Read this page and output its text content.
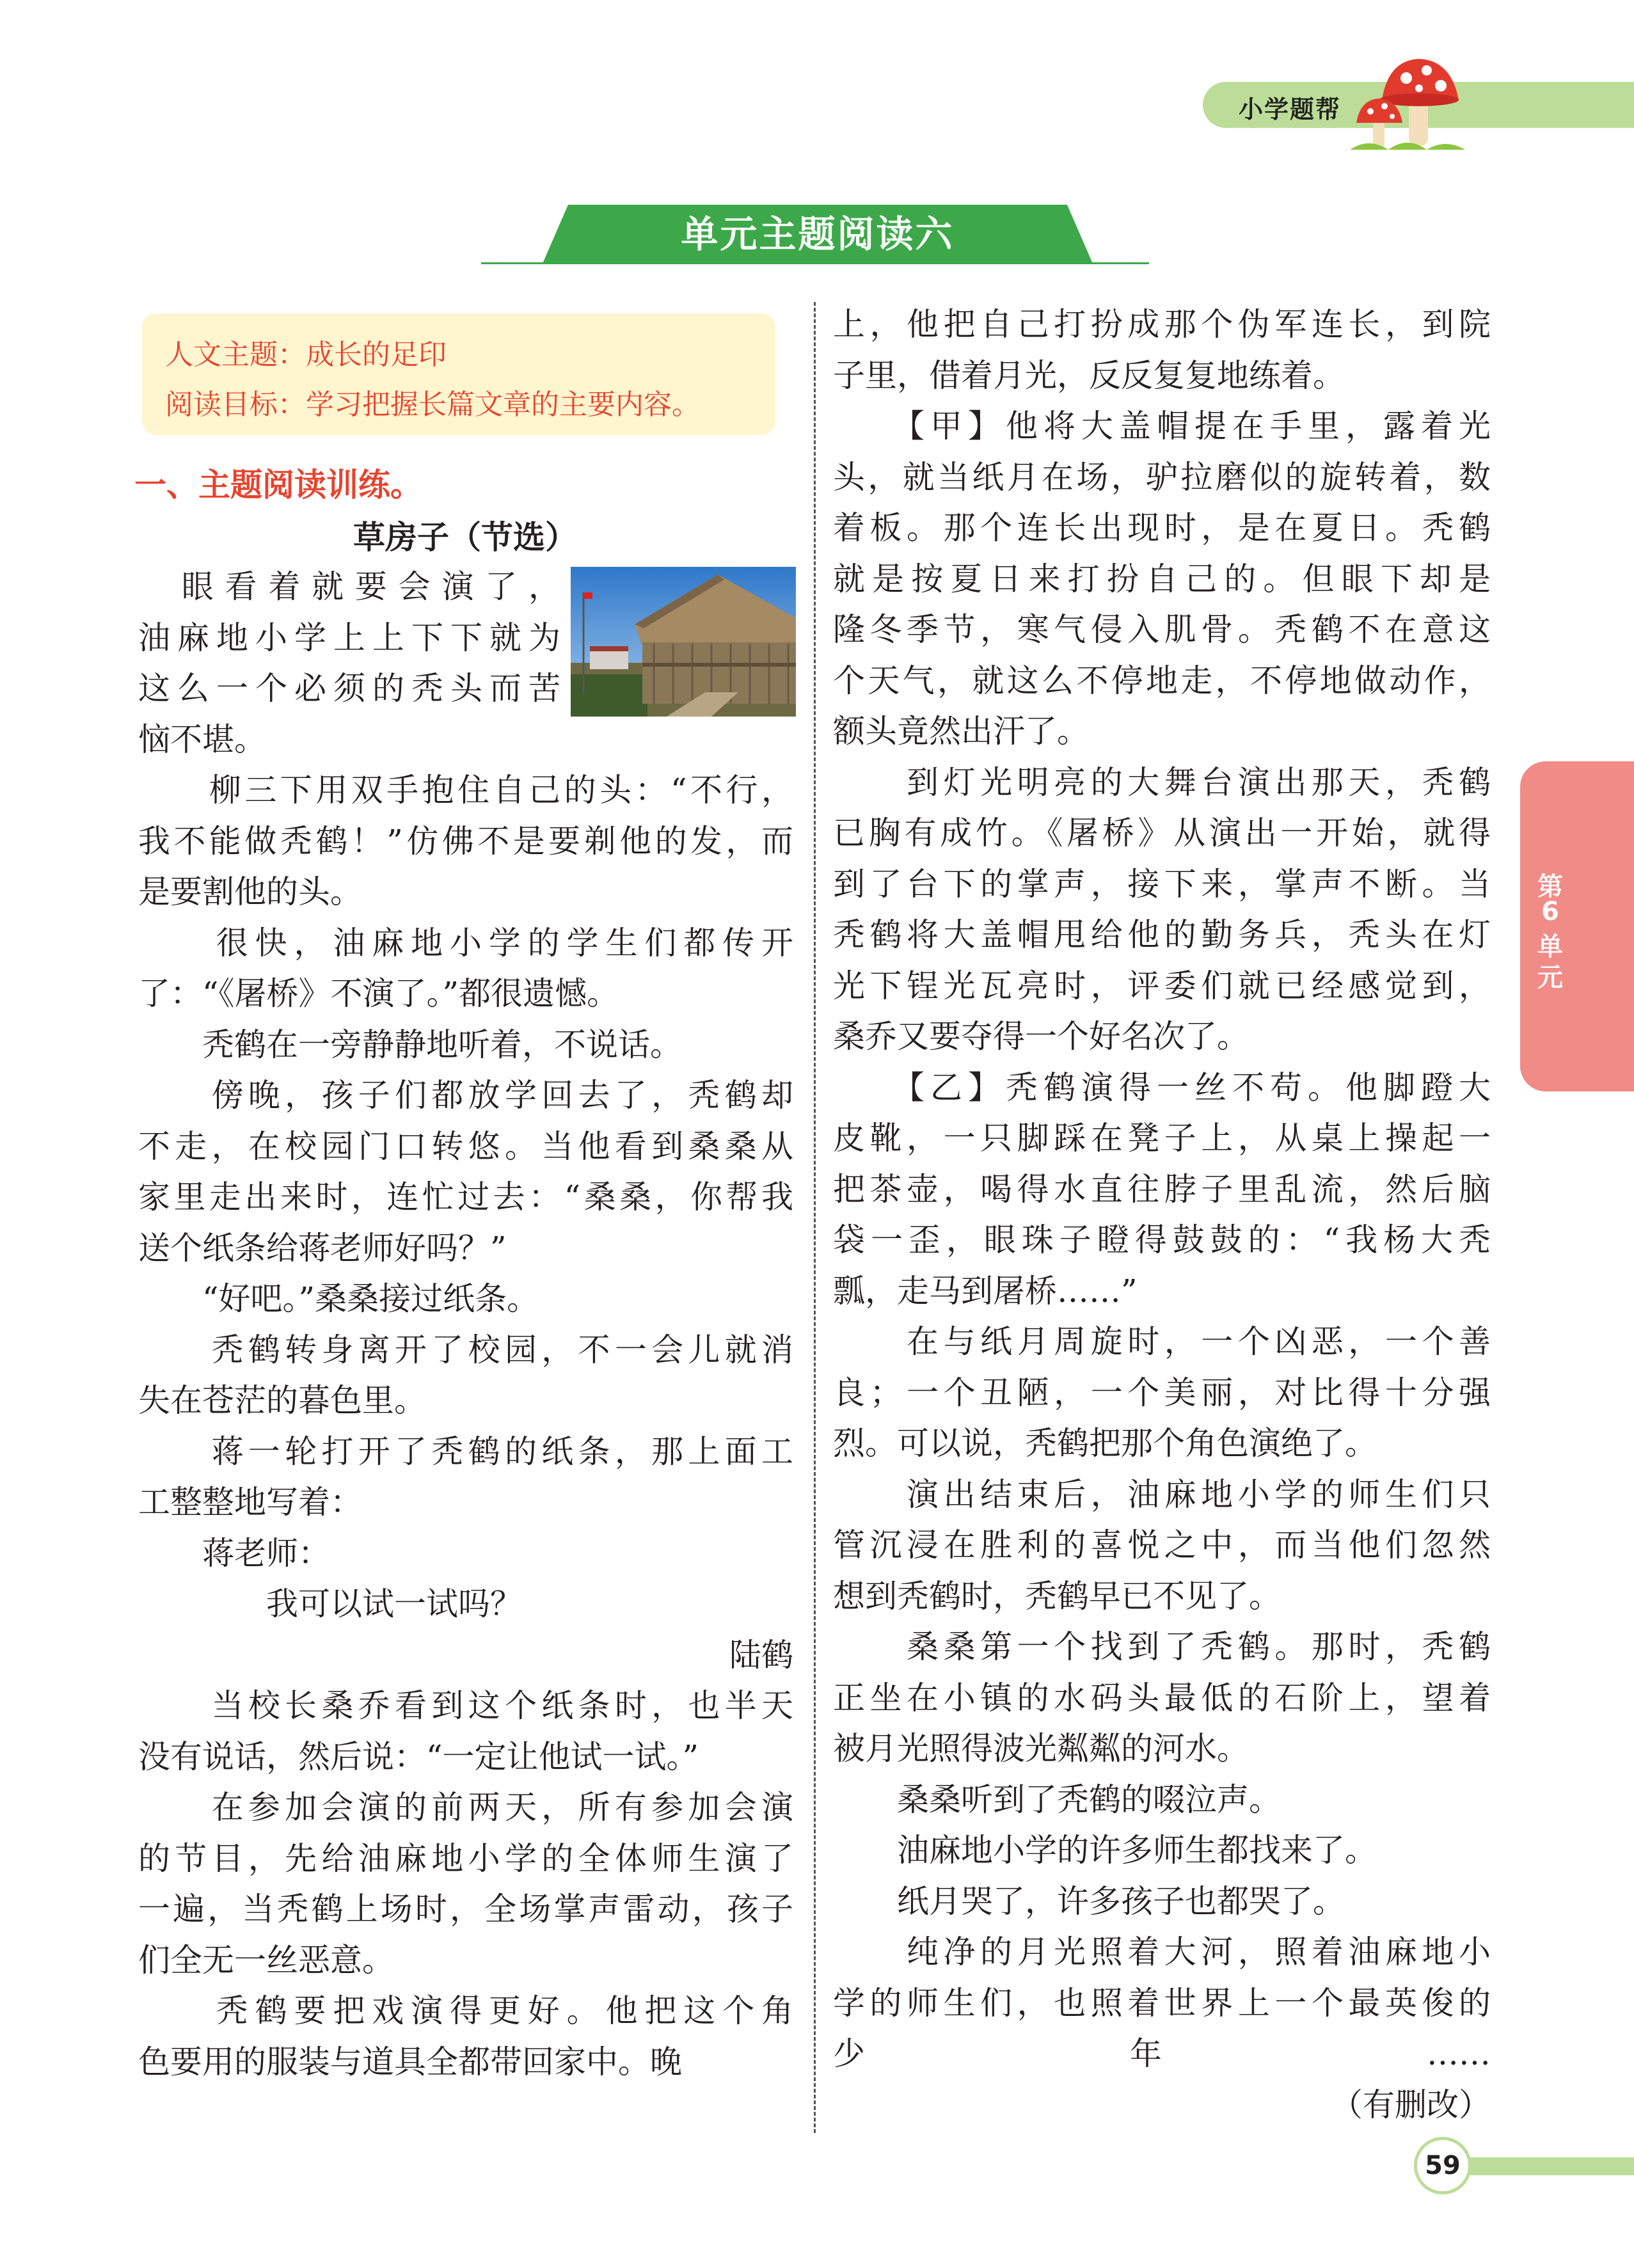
小学题帮
单元主题阅读六
人文主题：成长的足印
阅读目标：学习把握长篇文章的主要内容。
一、主题阅读训练。
草房子（节选）
　眼看着就要会演了，
油麻地小学上上下下就为
这么一个必须的秃头而苦
恼不堪。
　　柳三下用双手抱住自己的头：“不行，
我不能做秃鹤！”仿佛不是要剃他的发，而
是要割他的头。
　　很快，油麻地小学的学生们都传开
了：“《屠桥》不演了。”都很遗憾。
　　秃鹤在一旁静静地听着，不说话。
　　傍晚，孩子们都放学回去了，秃鹤却
不走，在校园门口转悠。当他看到桑桑从
家里走出来时，连忙过去：“桑桑，你帮我
送个纸条给蒋老师好吗？”
　　“好吧。”桑桑接过纸条。
　　秃鹤转身离开了校园，不一会儿就消
失在苍茫的暮色里。
　　蒋一轮打开了秃鹤的纸条，那上面工
工整整地写着：
　　蒋老师：
　　　　我可以试一试吗？
陆鹤
　　当校长桑乔看到这个纸条时，也半天
没有说话，然后说：“一定让他试一试。”
　　在参加会演的前两天，所有参加会演
的节目，先给油麻地小学的全体师生演了
一遍，当秃鹤上场时，全场掌声雷动，孩子
们全无一丝恶意。
　　秃鹤要把戏演得更好。他把这个角
色要用的服装与道具全都带回家中。晚
上，他把自己打扮成那个伪军连长，到院
子里，借着月光，反反复复地练着。
　　【甲】他将大盖帽提在手里，露着光
头，就当纸月在场，驴拉磨似的旋转着，数
着板。那个连长出现时，是在夏日。秃鹤
就是按夏日来打扮自己的。但眼下却是
隆冬季节，寒气侵入肌骨。秃鹤不在意这
个天气，就这么不停地走，不停地做动作，
额头竟然出汗了。
　　到灯光明亮的大舞台演出那天，秃鹤
已胸有成竹。《屠桥》从演出一开始，就得
到了台下的掌声，接下来，掌声不断。当
秃鹤将大盖帽甩给他的勤务兵，秃头在灯
光下锃光瓦亮时，评委们就已经感觉到，
桑乔又要夺得一个好名次了。
　　【乙】秃鹤演得一丝不苟。他脚蹬大
皮靴，一只脚踩在凳子上，从桌上操起一
把茶壶，喝得水直往脖子里乱流，然后脑
袋一歪，眼珠子瞪得鼓鼓的：“我杨大秃
瓢，走马到屠桥……”
　　在与纸月周旋时，一个凶恶，一个善
良；一个丑陋，一个美丽，对比得十分强
烈。可以说，秃鹤把那个角色演绝了。
　　演出结束后，油麻地小学的师生们只
管沉浸在胜利的喜悦之中，而当他们忽然
想到秃鹤时，秃鹤早已不见了。
　　桑桑第一个找到了秃鹤。那时，秃鹤
正坐在小镇的水码头最低的石阶上，望着
被月光照得波光粼粼的河水。
　　桑桑听到了秃鹤的啜泣声。
　　油麻地小学的许多师生都找来了。
　　纸月哭了，许多孩子也都哭了。
　　纯净的月光照着大河，照着油麻地小
学的师生们，也照着世界上一个最英俊的
少年……
（有删改）
第
6
单
元
59
